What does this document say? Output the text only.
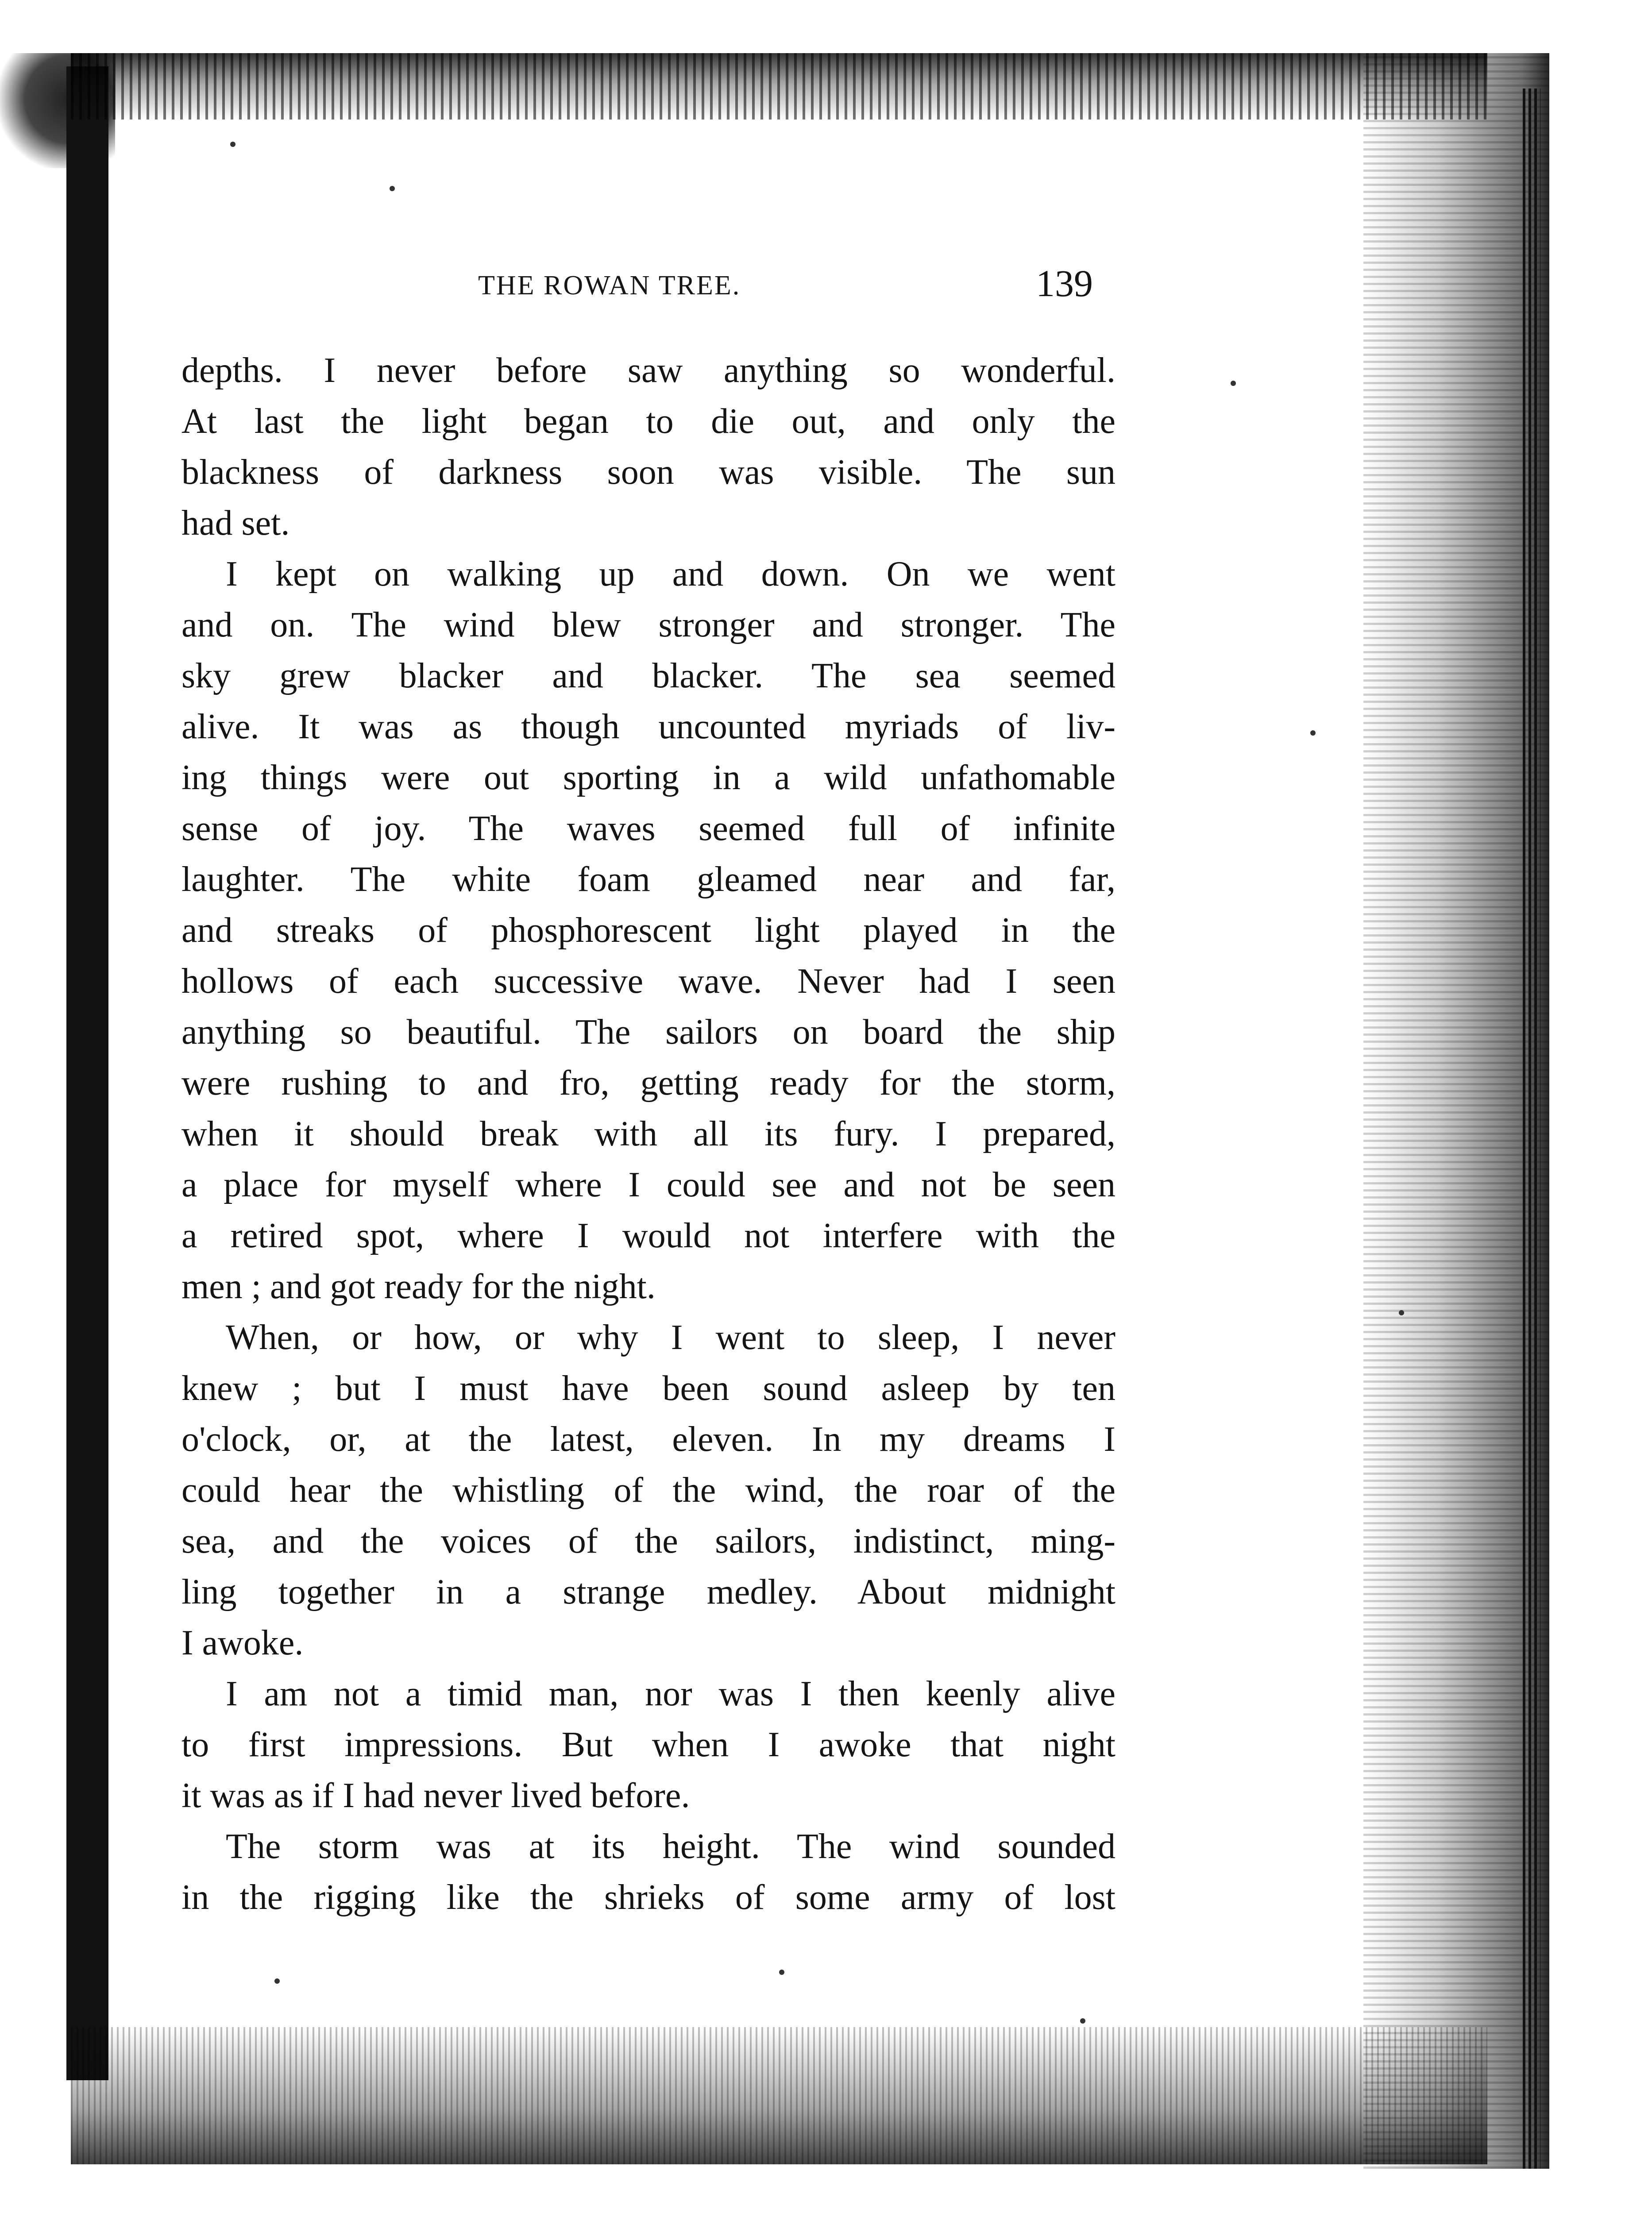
THE ROWAN TREE.	139
depths. I never before saw anything so wonderful.
At last the light began to die out, and only the
blackness of darkness soon was visible. The sun
had set.
I kept on walking up and down. On we went
and on. The wind blew stronger and stronger. The
sky grew blacker and blacker. The sea seemed
alive. It was as though uncounted myriads of liv-
ing things were out sporting in a wild unfathomable
sense of joy. The waves seemed full of infinite
laughter. The white foam gleamed near and far,
and streaks of phosphorescent light played in the
hollows of each successive wave. Never had I seen
anything so beautiful. The sailors on board the ship
were rushing to and fro, getting ready for the storm,
when it should break with all its fury. I prepared,
a place for myself where I could see and not be seen
a retired spot, where I would not interfere with the
men ; and got ready for the night.
When, or how, or why I went to sleep, I never
knew ; but I must have been sound asleep by ten
o'clock, or, at the latest, eleven. In my dreams I
could hear the whistling of the wind, the roar of the
sea, and the voices of the sailors, indistinct, ming-
ling together in a strange medley. About midnight
I awoke.
I am not a timid man, nor was I then keenly alive
to first impressions. But when I awoke that night
it was as if I had never lived before.
The storm was at its height. The wind sounded
in the rigging like the shrieks of some army of lost
